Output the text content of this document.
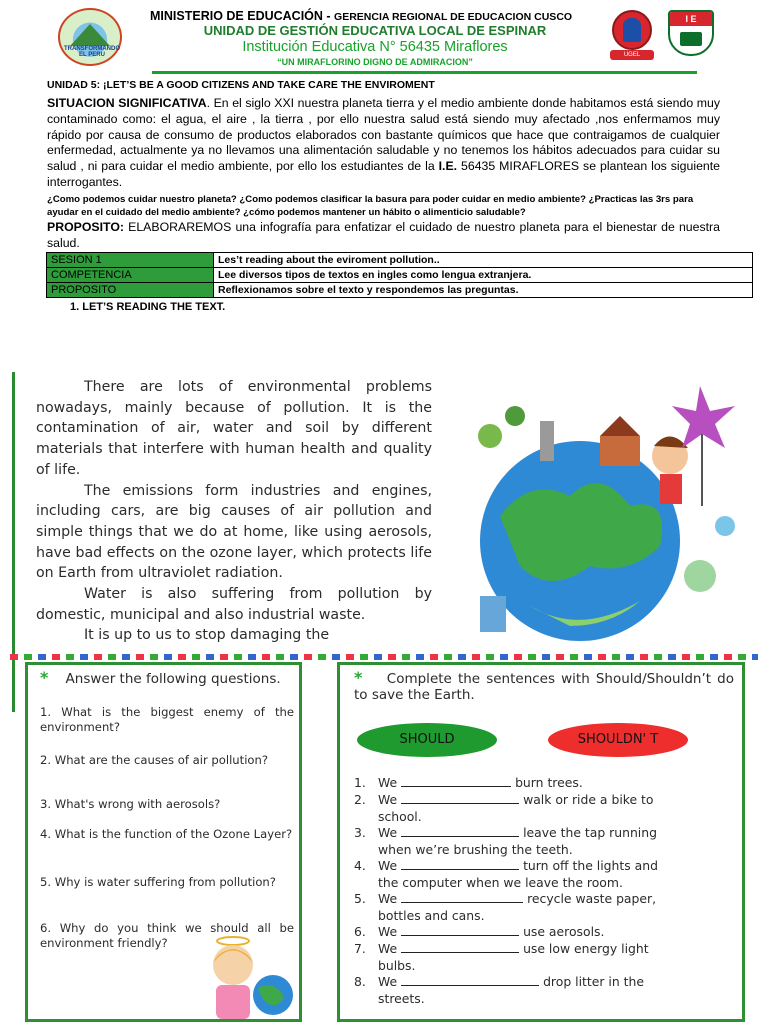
TRANSFORMANDO EL PERU
MINISTERIO DE EDUCACIÓN - GERENCIA REGIONAL DE EDUCACION CUSCO
UNIDAD DE GESTIÓN EDUCATIVA LOCAL DE ESPINAR
Institución Educativa N° 56435 Miraflores
“UN MIRAFLORINO DIGNO DE ADMIRACION”
UGEL
I E
UNIDAD 5: ¡LET’S BE A GOOD CITIZENS AND TAKE CARE THE ENVIROMENT
SITUACION SIGNIFICATIVA. En el siglo XXI nuestra planeta tierra y el medio ambiente donde habitamos está siendo muy contaminado como: el agua, el aire , la tierra , por ello nuestra salud está siendo muy afectado ,nos enfermamos muy rápido por causa de consumo de productos elaborados con bastante químicos que hace que contraigamos de cualquier enfermedad, actualmente ya no llevamos una alimentación saludable y no tenemos los hábitos adecuados para cuidar su salud , ni para cuidar el medio ambiente, por ello los estudiantes de la I.E. 56435 MIRAFLORES se plantean los siguiente interrogantes.
¿Como podemos cuidar nuestro planeta? ¿Como podemos clasificar la basura para poder cuidar en medio ambiente? ¿Practicas las 3rs para ayudar en el cuidado del medio ambiente? ¿cómo podemos mantener un hábito o alimenticio saludable?
PROPOSITO: ELABORAREMOS una infografía para enfatizar el cuidado de nuestro planeta para el bienestar de nuestra salud.
SESION 1	Les’t reading about the eviroment pollution..
COMPETENCIA	Lee diversos tipos de textos en ingles como lengua extranjera.
PROPOSITO	Reflexionamos sobre el texto y respondemos las preguntas.
1. LET’S READING THE TEXT.

There are lots of environmental problems nowadays, mainly because of pollution. It is the contamination of air, water and soil by different materials that interfere with human health and quality of life.

The emissions form industries and engines, including cars, are big causes of air pollution and simple things that we do at home, like using aerosols, have bad effects on the ozone layer, which protects life on Earth from ultraviolet radiation.

Water is also suffering from pollution by domestic, municipal and also industrial waste.

It is up to us to stop damaging the

* Answer the following questions.
1. What is the biggest enemy of the environment?
2. What are the causes of air pollution?
3. What's wrong with aerosols?
4. What is the function of the Ozone Layer?
5. Why is water suffering from pollution?
6. Why do you think we should all be environment friendly?
* Complete the sentences with Should/Shouldn’t do to save the Earth.
SHOULD	SHOULDN' T
1. We	burn trees.
2. We	walk or ride a bike to
school.
3. We	leave the tap running
when we’re brushing the teeth.
4. We	turn off the lights and
the computer when we leave the room.
5. We	recycle waste paper,
bottles and cans.
6. We	use aerosols.
7. We	use low energy light
bulbs.
8. We	drop litter in the
streets.
